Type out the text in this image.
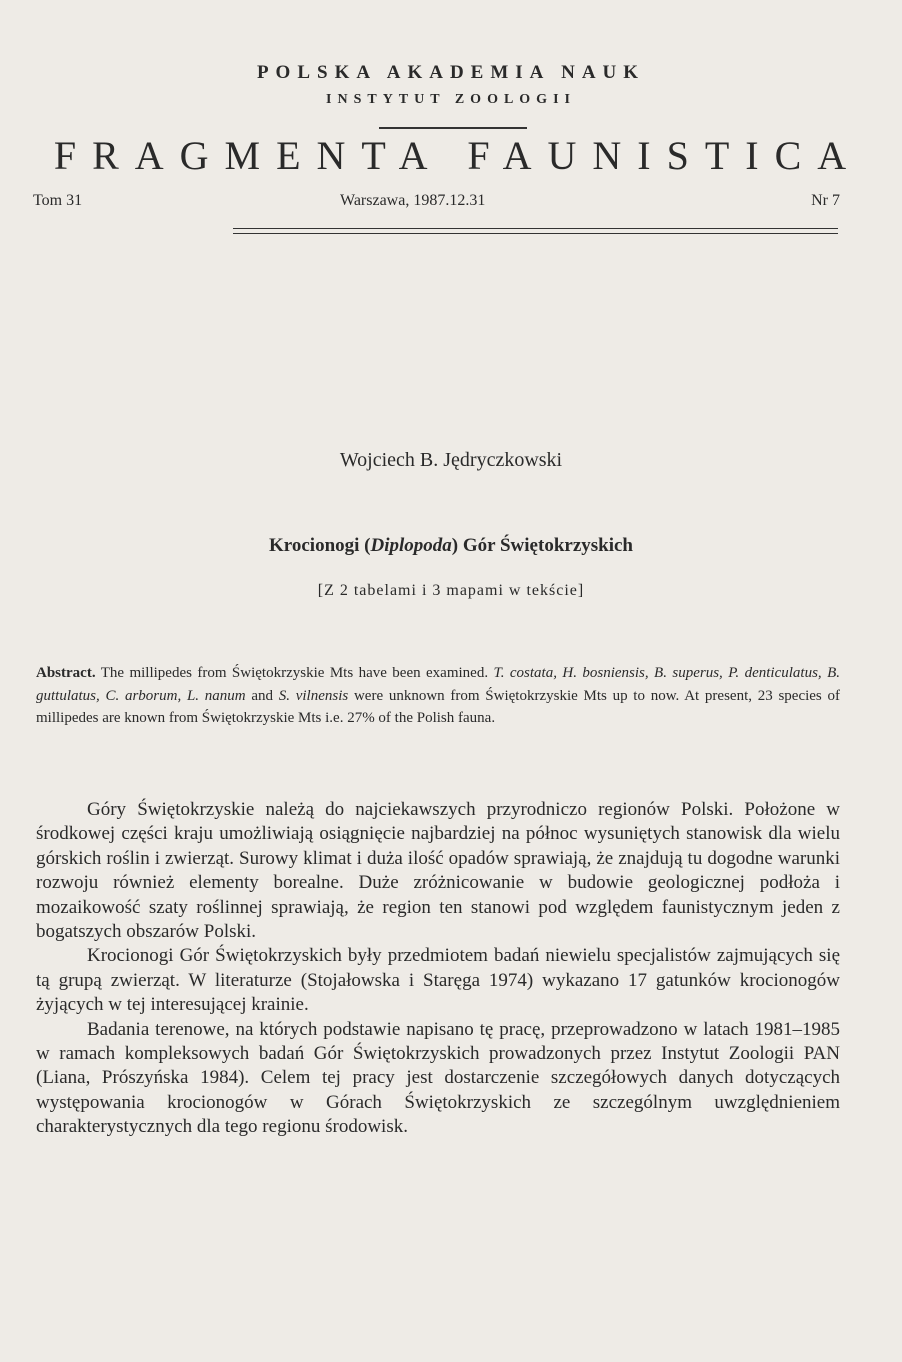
POLSKA AKADEMIA NAUK
INSTYTUT ZOOLOGII
FRAGMENTA FAUNISTICA
Tom 31	Warszawa, 1987.12.31	Nr 7
Wojciech B. Jędryczkowski
Krocionogi (Diplopoda) Gór Świętokrzyskich
[Z 2 tabelami i 3 mapami w tekście]
Abstract. The millipedes from Świętokrzyskie Mts have been examined. T. costata, H. bosniensis, B. superus, P. denticulatus, B. guttulatus, C. arborum, L. nanum and S. vilnensis were unknown from Świętokrzyskie Mts up to now. At present, 23 species of millipedes are known from Świętokrzyskie Mts i.e. 27% of the Polish fauna.

Góry Świętokrzyskie należą do najciekawszych przyrodniczo regionów Polski. Położone w środkowej części kraju umożliwiają osiągnięcie najbardziej na północ wysuniętych stanowisk dla wielu górskich roślin i zwierząt. Surowy klimat i duża ilość opadów sprawiają, że znajdują tu dogodne warunki rozwoju również elementy borealne. Duże zróżnicowanie w budowie geologicznej podłoża i mozaikowość szaty roślinnej sprawiają, że region ten stanowi pod względem faunistycznym jeden z bogatszych obszarów Polski.

Krocionogi Gór Świętokrzyskich były przedmiotem badań niewielu specjalistów zajmujących się tą grupą zwierząt. W literaturze (Stojałowska i Staręga 1974) wykazano 17 gatunków krocionogów żyjących w tej interesującej krainie.

Badania terenowe, na których podstawie napisano tę pracę, przeprowadzono w latach 1981–1985 w ramach kompleksowych badań Gór Świętokrzyskich prowadzonych przez Instytut Zoologii PAN (Liana, Prószyńska 1984). Celem tej pracy jest dostarczenie szczegółowych danych dotyczących występowania krocionogów w Górach Świętokrzyskich ze szczególnym uwzględnieniem charakterystycznych dla tego regionu środowisk.
